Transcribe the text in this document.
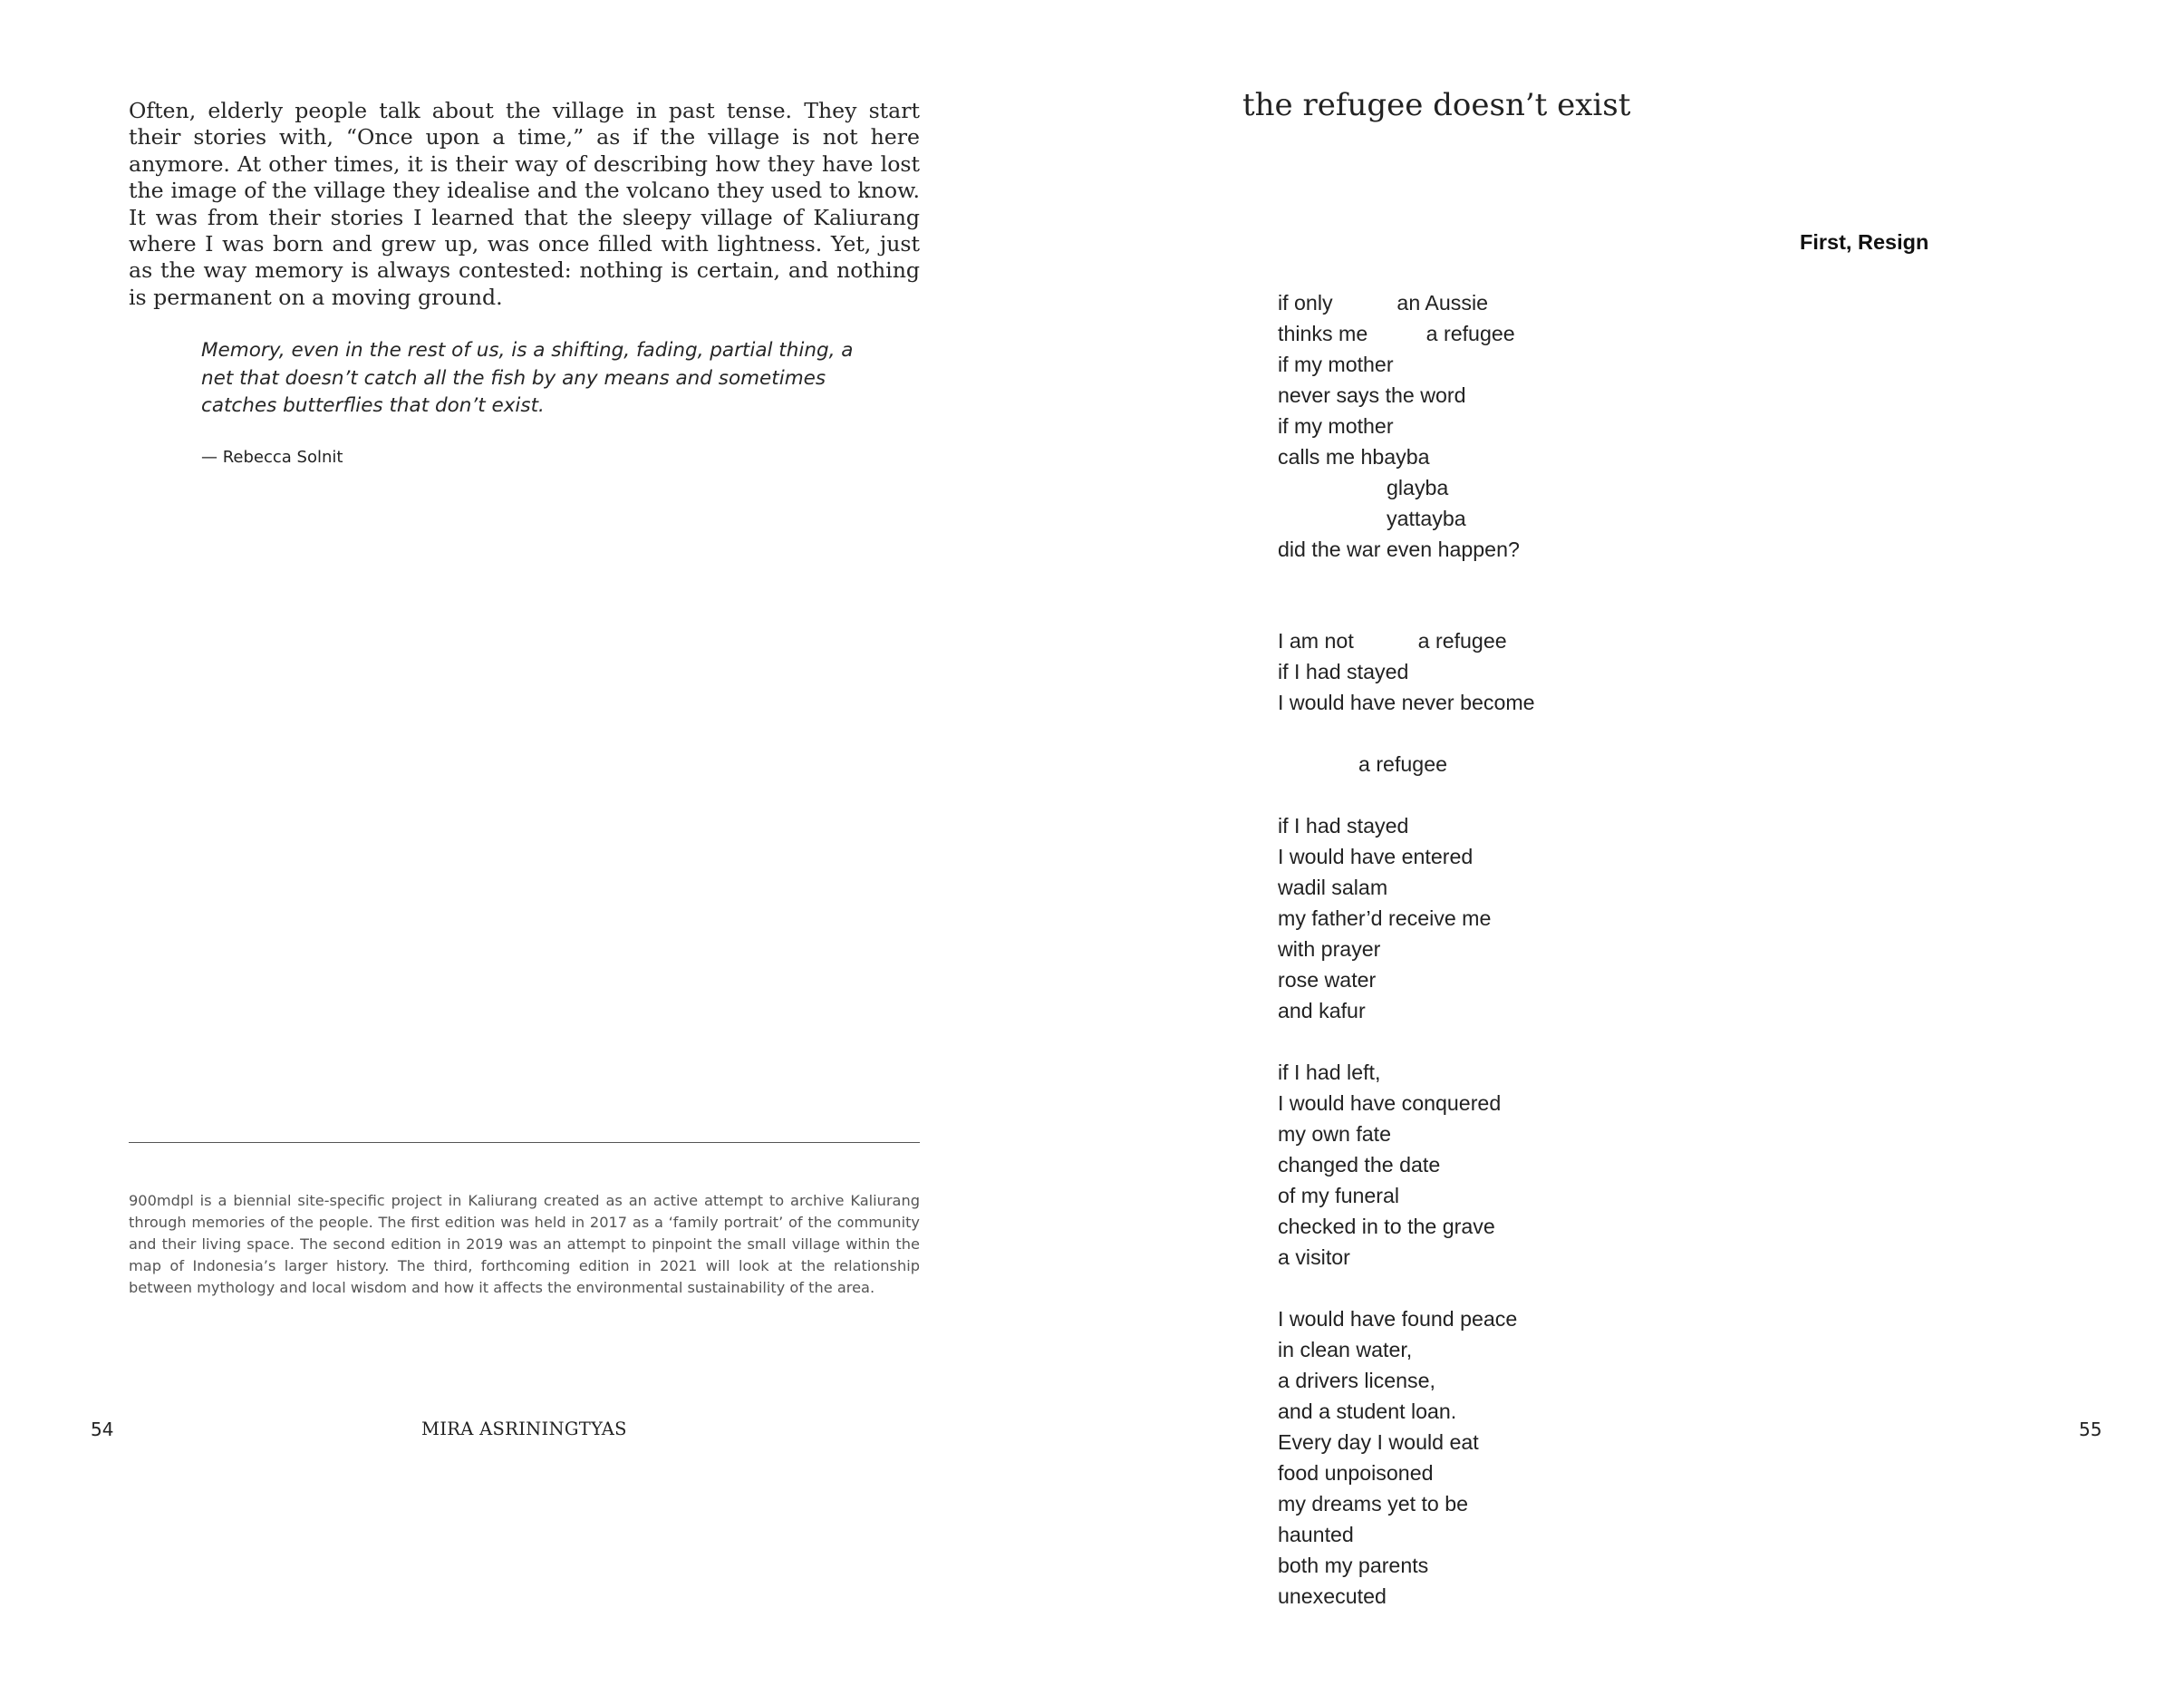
Often, elderly people talk about the village in past tense. They start their stories with, “Once upon a time,” as if the village is not here anymore. At other times, it is their way of describing how they have lost the image of the village they idealise and the volcano they used to know. It was from their stories I learned that the sleepy village of Kaliurang where I was born and grew up, was once filled with lightness. Yet, just as the way memory is always contested: nothing is certain, and nothing is permanent on a moving ground.

Memory, even in the rest of us, is a shifting, fading, partial thing, a net that doesn’t catch all the fish by any means and sometimes catches butterflies that don’t exist.

— Rebecca Solnit

900mdpl is a biennial site-specific project in Kaliurang created as an active attempt to archive Kaliurang through memories of the people. The first edition was held in 2017 as a ‘family portrait’ of the community and their living space. The second edition in 2019 was an attempt to pinpoint the small village within the map of Indonesia’s larger history. The third, forthcoming edition in 2021 will look at the relationship between mythology and local wisdom and how it affects the environmental sustainability of the area.

54	MIRA ASRININGTYAS
the refugee doesn’t exist
First, Resign
if only           an Aussie
thinks me          a refugee
if my mother
never says the word
if my mother
calls me hbayba
glayba
yattayba
did the war even happen?
I am not           a refugee
if I had stayed
I would have never become
a refugee
if I had stayed
I would have entered
wadil salam
my father’d receive me
with prayer
rose water
and kafur
if I had left,
I would have conquered
my own fate
changed the date
of my funeral
checked in to the grave
a visitor
I would have found peace
in clean water,
a drivers license,
and a student loan.
Every day I would eat
food unpoisoned
my dreams yet to be
haunted
both my parents
unexecuted
55
